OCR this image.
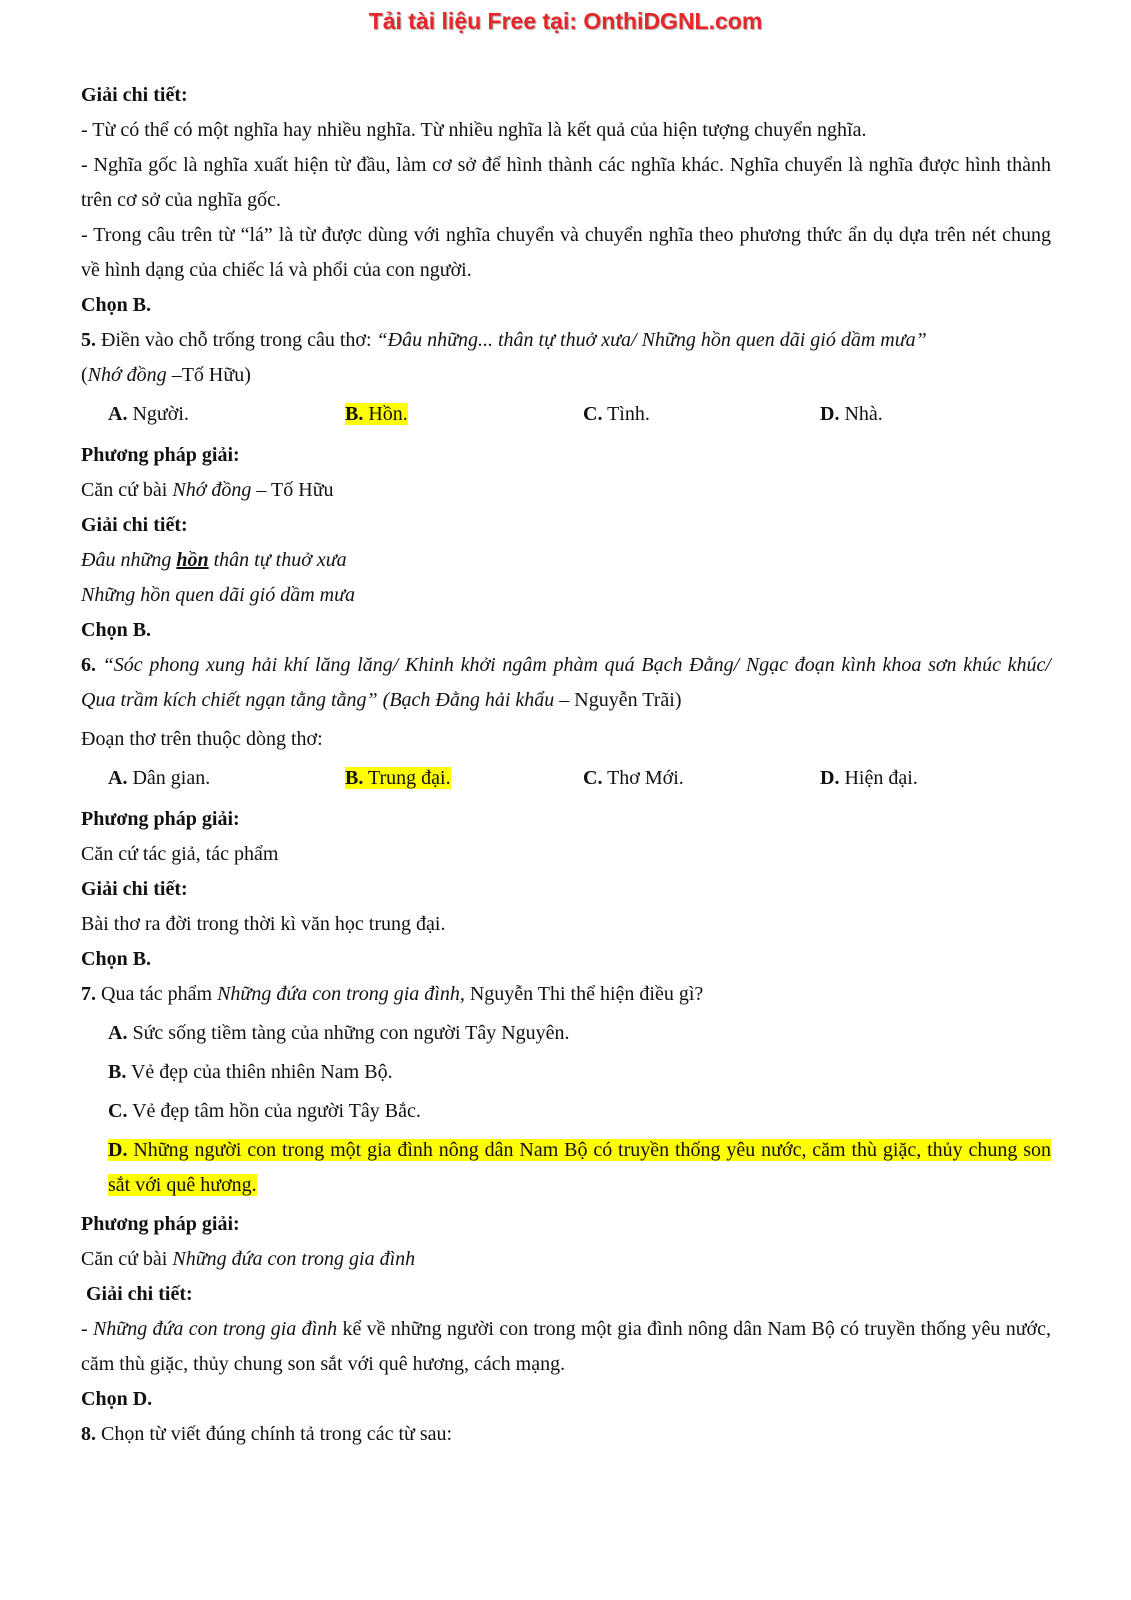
Tải tài liệu Free tại: OnthiDGNL.com

Giải chi tiết:

- Từ có thể có một nghĩa hay nhiều nghĩa. Từ nhiều nghĩa là kết quả của hiện tượng chuyển nghĩa.

- Nghĩa gốc là nghĩa xuất hiện từ đầu, làm cơ sở để hình thành các nghĩa khác. Nghĩa chuyển là nghĩa được hình thành trên cơ sở của nghĩa gốc.

- Trong câu trên từ “lá” là từ được dùng với nghĩa chuyển và chuyển nghĩa theo phương thức ẩn dụ dựa trên nét chung về hình dạng của chiếc lá và phổi của con người.

Chọn B.

5. Điền vào chỗ trống trong câu thơ: “Đâu những... thân tự thuở xưa/ Những hồn quen dãi gió dầm mưa”
(Nhớ đồng –Tố Hữu)

A. Người.	B. Hồn.	C. Tình.	D. Nhà.

Phương pháp giải:

Căn cứ bài Nhớ đồng – Tố Hữu

Giải chi tiết:

Đâu những hồn thân tự thuở xưa

Những hồn quen dãi gió dầm mưa

Chọn B.

6. “Sóc phong xung hải khí lăng lăng/ Khinh khởi ngâm phàm quá Bạch Đằng/ Ngạc đoạn kình khoa sơn khúc khúc/ Qua trầm kích chiết ngạn tằng tằng” (Bạch Đằng hải khẩu – Nguyễn Trãi)

Đoạn thơ trên thuộc dòng thơ:

A. Dân gian.	B. Trung đại.	C. Thơ Mới.	D. Hiện đại.

Phương pháp giải:

Căn cứ tác giả, tác phẩm

Giải chi tiết:

Bài thơ ra đời trong thời kì văn học trung đại.

Chọn B.

7. Qua tác phẩm Những đứa con trong gia đình, Nguyễn Thi thể hiện điều gì?

A. Sức sống tiềm tàng của những con người Tây Nguyên.

B. Vẻ đẹp của thiên nhiên Nam Bộ.

C. Vẻ đẹp tâm hồn của người Tây Bắc.

D. Những người con trong một gia đình nông dân Nam Bộ có truyền thống yêu nước, căm thù giặc, thủy chung son sắt với quê hương.

Phương pháp giải:

Căn cứ bài Những đứa con trong gia đình

Giải chi tiết:

- Những đứa con trong gia đình kể về những người con trong một gia đình nông dân Nam Bộ có truyền thống yêu nước, căm thù giặc, thủy chung son sắt với quê hương, cách mạng.

Chọn D.

8. Chọn từ viết đúng chính tả trong các từ sau:
